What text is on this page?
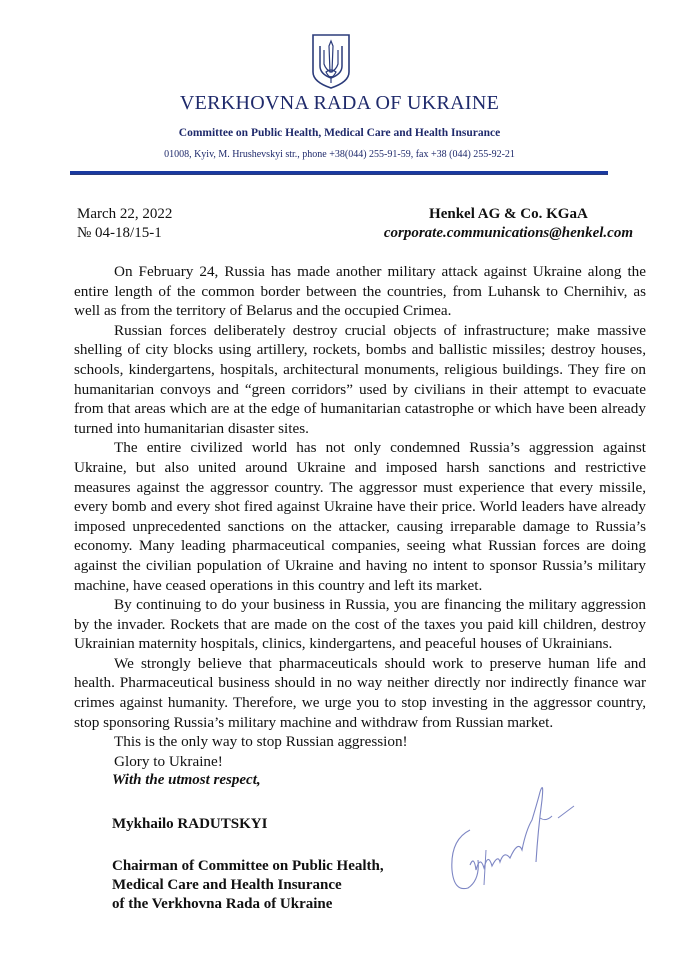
VERKHOVNA RADA OF UKRAINE
Committee on Public Health, Medical Care and Health Insurance
01008, Kyiv, M. Hrushevskyi str., phone +38(044) 255-91-59, fax +38 (044) 255-92-21
March 22, 2022
№ 04-18/15-1
Henkel AG & Co. KGaA
corporate.communications@henkel.com

On February 24, Russia has made another military attack against Ukraine along the entire length of the common border between the countries, from Luhansk to Chernihiv, as well as from the territory of Belarus and the occupied Crimea.

Russian forces deliberately destroy crucial objects of infrastructure; make massive shelling of city blocks using artillery, rockets, bombs and ballistic missiles; destroy houses, schools, kindergartens, hospitals, architectural monuments, religious buildings. They fire on humanitarian convoys and “green corridors” used by civilians in their attempt to evacuate from that areas which are at the edge of humanitarian catastrophe or which have been already turned into humanitarian disaster sites.

The entire civilized world has not only condemned Russia’s aggression against Ukraine, but also united around Ukraine and imposed harsh sanctions and restrictive measures against the aggressor country. The aggressor must experience that every missile, every bomb and every shot fired against Ukraine have their price. World leaders have already imposed unprecedented sanctions on the attacker, causing irreparable damage to Russia’s economy. Many leading pharmaceutical companies, seeing what Russian forces are doing against the civilian population of Ukraine and having no intent to sponsor Russia’s military machine, have ceased operations in this country and left its market.

By continuing to do your business in Russia, you are financing the military aggression by the invader. Rockets that are made on the cost of the taxes you paid kill children, destroy Ukrainian maternity hospitals, clinics, kindergartens, and peaceful houses of Ukrainians.

We strongly believe that pharmaceuticals should work to preserve human life and health. Pharmaceutical business should in no way neither directly nor indirectly finance war crimes against humanity. Therefore, we urge you to stop investing in the aggressor country, stop sponsoring Russia’s military machine and withdraw from Russian market.

This is the only way to stop Russian aggression!

Glory to Ukraine!

With the utmost respect,
Mykhailo RADUTSKYI
Chairman of Committee on Public Health,
Medical Care and Health Insurance
of the Verkhovna Rada of Ukraine
